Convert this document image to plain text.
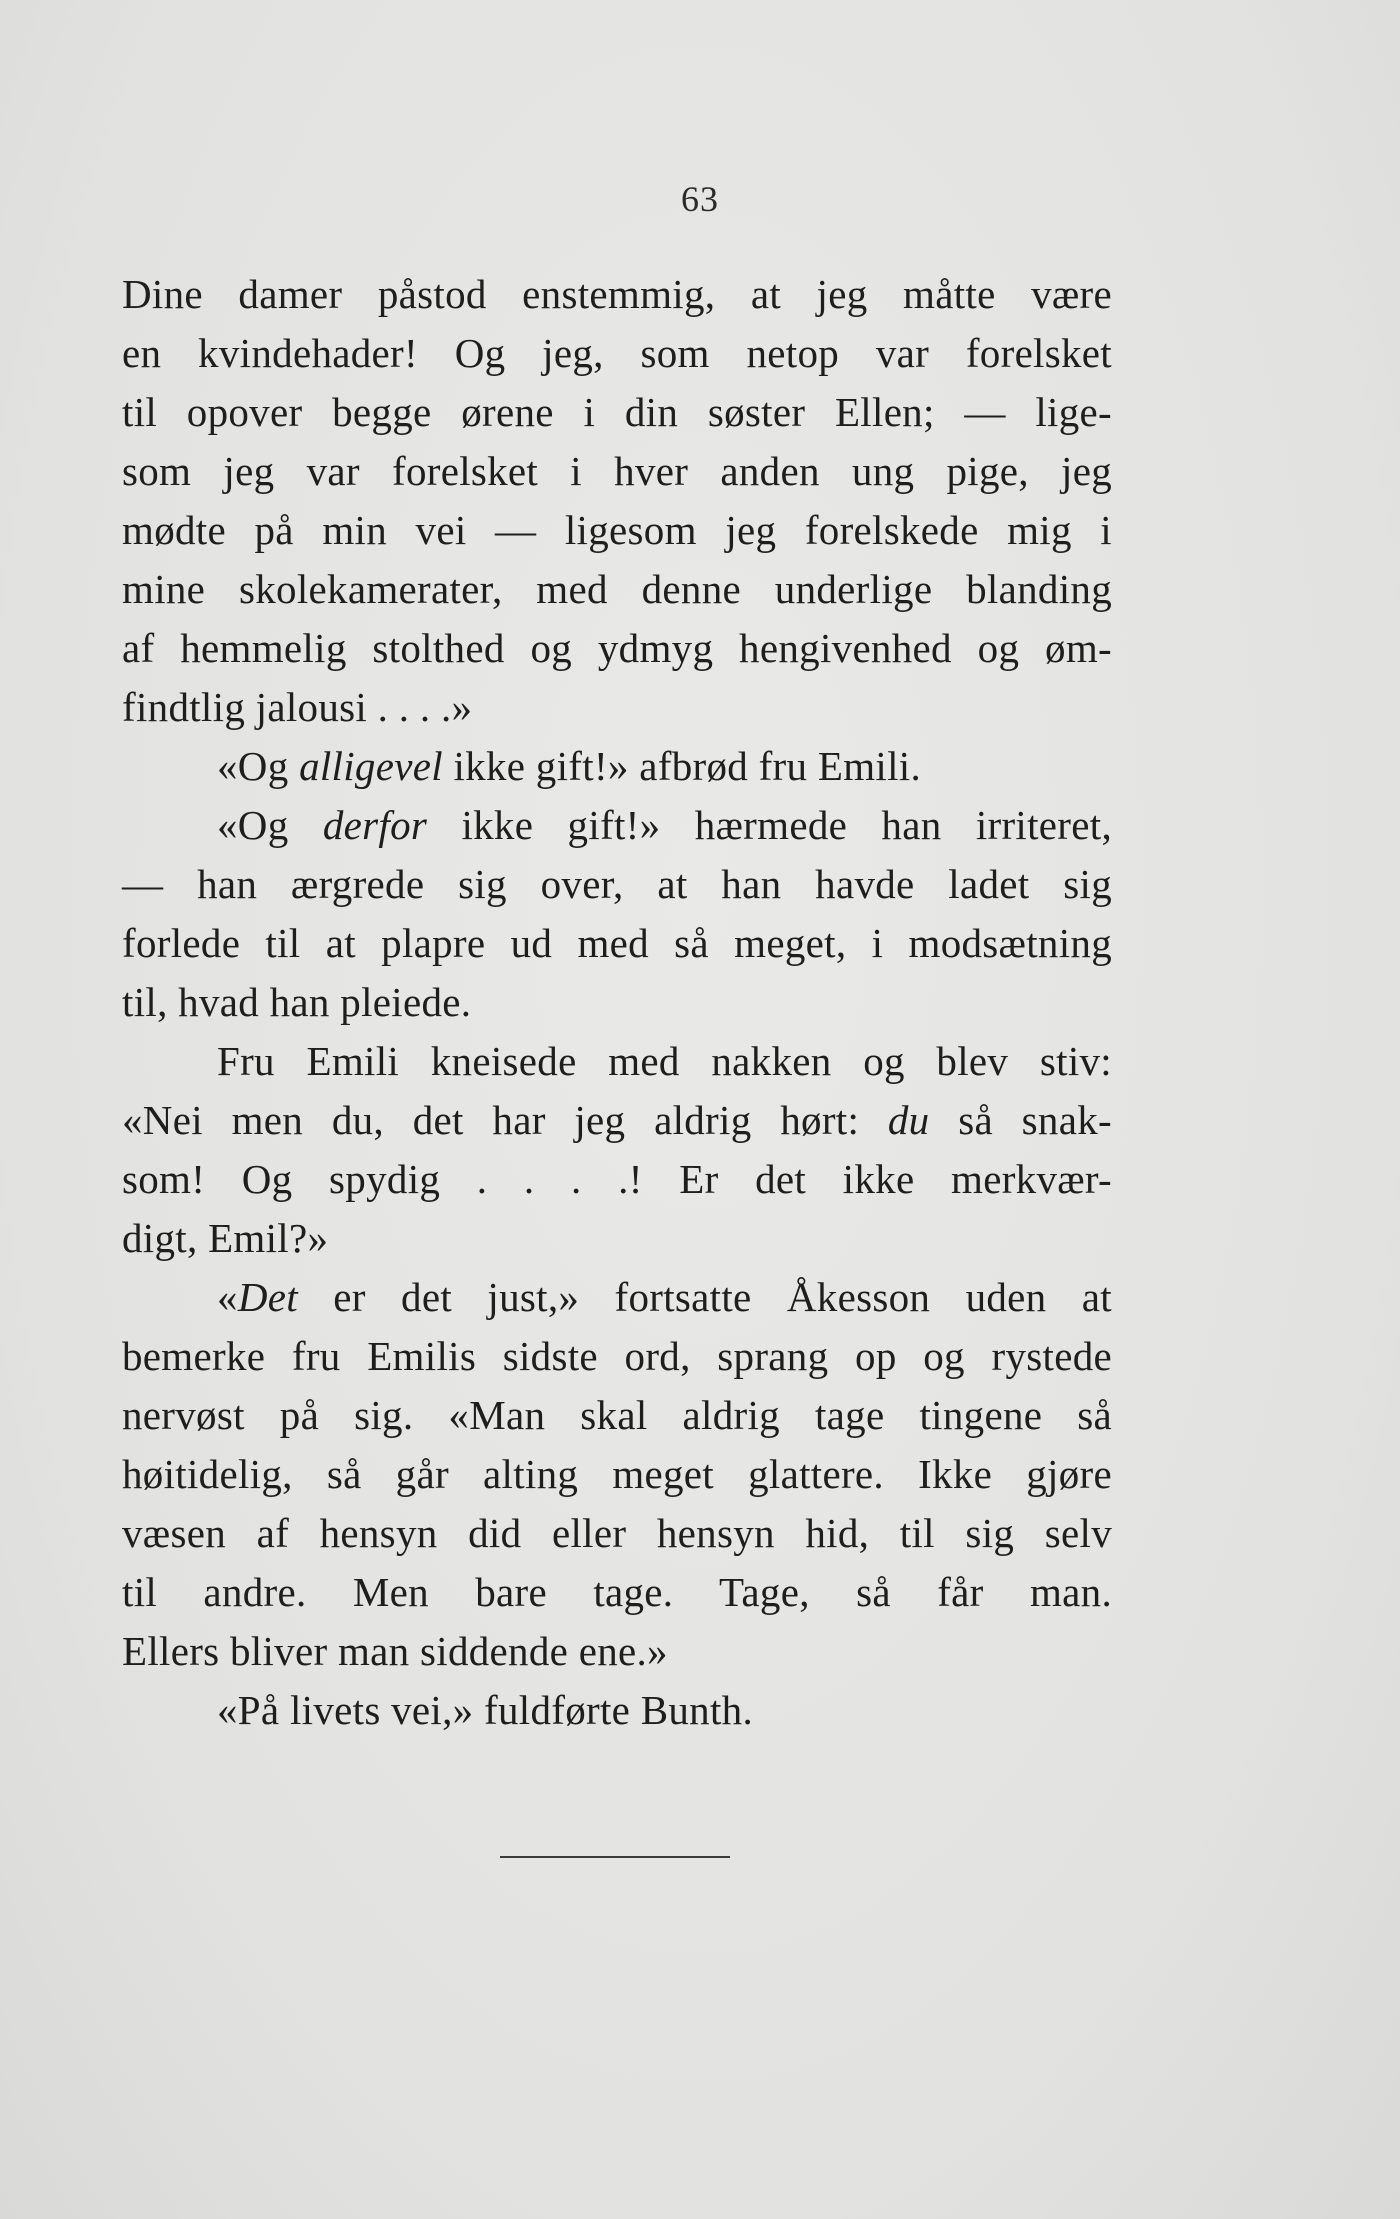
63
Dine damer påstod enstemmig, at jeg måtte være
en kvindehader! Og jeg, som netop var forelsket
til opover begge ørene i din søster Ellen; — lige-
som jeg var forelsket i hver anden ung pige, jeg
mødte på min vei — ligesom jeg forelskede mig i
mine skolekamerater, med denne underlige blanding
af hemmelig stolthed og ydmyg hengivenhed og øm-
findtlig jalousi . . . .»
«Og alligevel ikke gift!» afbrød fru Emili.
«Og derfor ikke gift!» hærmede han irriteret,
— han ærgrede sig over, at han havde ladet sig
forlede til at plapre ud med så meget, i modsætning
til, hvad han pleiede.
Fru Emili kneisede med nakken og blev stiv:
«Nei men du, det har jeg aldrig hørt: du så snak-
som! Og spydig . . . .! Er det ikke merkvær-
digt, Emil?»
«Det er det just,» fortsatte Åkesson uden at
bemerke fru Emilis sidste ord, sprang op og rystede
nervøst på sig. «Man skal aldrig tage tingene så
høitidelig, så går alting meget glattere. Ikke gjøre
væsen af hensyn did eller hensyn hid, til sig selv
til andre. Men bare tage. Tage, så får man.
Ellers bliver man siddende ene.»
«På livets vei,» fuldførte Bunth.
